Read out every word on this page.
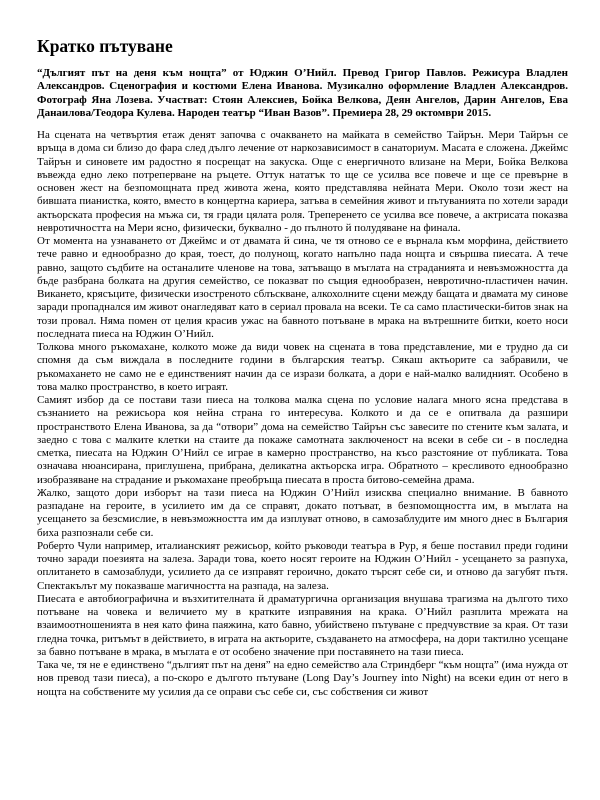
Кратко пътуване

“Дългият път на деня към нощта” от Юджин О’Нийл. Превод Григор Павлов. Режисура Владлен Александров. Сценография и костюми Елена Иванова. Музикално оформление Владлен Александров. Фотограф Яна Лозева. Участват: Стоян Алексиев, Бойка Велкова, Деян Ангелов, Дарин Ангелов, Ева Данаилова/Теодора Кулева. Народен театър “Иван Вазов”. Премиера 28, 29 октомври 2015.

На сцената на четвъртия етаж денят започва с очакването на майката в семейство Тайрън. Мери Тайрън се връща в дома си близо до фара след дълго лечение от наркозависимост в санаториум. Масата е сложена. Джеймс Тайрън и синовете им радостно я посрещат на закуска. Още с енергичното влизане на Мери, Бойка Велкова въвежда едно леко потреперване на ръцете. Оттук нататък то ще се усилва все повече и ще се превърне в основен жест на безпомощната пред живота жена, която представлява нейната Мери. Около този жест на бившата пианистка, която, вместо в концертна кариера, затъва в семейния живот и пътуванията по хотели заради актьорската професия на мъжа си, тя гради цялата роля. Треперенето се усилва все повече, а актрисата показва невротичността на Мери ясно, физически, буквално - до пълното й полудяване на финала.

От момента на узнаването от Джеймс и от двамата й сина, че тя отново се е върнала към морфина, действието тече равно и еднообразно до края, тоест, до полунощ, когато напълно пада нощта и свършва пиесата. А тече равно, защото съдбите на останалите членове на това, затъващо в мъглата на страданията и невъзможността да бъде разбрана болката на другия семейство, се показват по същия еднообразен, невротично-пластичен начин. Виканeто, крясъците, физически изостреното сблъскване, алкохолните сцени между бащата и двамата му синове заради пропаднался им живот онагледяват като в сериал провала на всеки. Те са само пластически-битов знак на този провал. Няма помен от целия красив ужас на бавното потъване в мрака на вътрешните битки, което носи последната пиеса на Юджин О’Нийл.

Толкова много ръкомахане, колкото може да види човек на сцената в това представление, ми е трудно да си спомня да съм виждала в последните години в българския театър. Сякаш актьорите са забравили, че ръкомахането не само не е единственият начин да се изрази болката, а дори е най-малко валидният. Особено в това малко пространство, в което играят.

Самият избор да се постави тази пиеса на толкова малка сцена по условие налага много ясна представа в съзнанието на режисьора коя нейна страна го интересува. Колкото и да се е опитвала да разшири пространството Елена Иванова, за да “отвори” дома на семейство Тайрън със завесите по стените към залата, и заедно с това с малките клетки на стаите да покаже самотната заключеност на всеки в себе си - в последна сметка, пиесата на Юджин О’Нийл се играе в камерно пространство, на късо разстояние от публиката. Това означава нюансирана, приглушена, прибрана, деликатна актьорска игра. Обратното – кресливото еднообразно изобразяване на страдание и ръкомахане преобръща пиесата в проста битово-семейна драма.

Жалко, защото дори изборът на тази пиеса на Юджин О’Нийл изисква специално внимание. В бавното разпадане на героите, в усилието им да се справят, докато потъват, в безпомощността им, в мъглата на усещането за безсмислие, в невъзможността им да изплуват отново, в самозаблудите им много днес в България биха разпознали себе си.

Роберто Чули например, италианският режисьор, който ръководи театъра в Рур, я беше поставил преди години точно заради поезията на залеза. Заради това, което носят героите на Юджин О’Нийл - усещането за разпуха, оплитането в самозаблуди, усилието да се изправят героично, докато търсят себе си, и отново да загубят пътя. Спектакълът му показваше магичността на разпада, на залеза.

Пиесата е автобиографична и възхитителната й драматургична организация внушава трагизма на дългото тихо потъване на човека и величието му в кратките изправяния на крака. О’Нийл разплита мрежата на взаимоотношенията в нея като фина паяжина, като бавно, убийствено пътуване с предчувствие за края. От тази гледна точка, ритъмът в действието, в играта на актьорите, създаването на атмосфера, на дори тактилно усещане за бавно потъване в мрака, в мъглата е от особено значение при поставянето на тази пиеса.

Така че, тя не е единствено “дългият път на деня” на едно семейство ала Стриндберг “към нощта” (има нужда от нов превод тази пиеса), а по-скоро е дългото пътуване (Long Day’s Journey into Night) на всеки един от него в нощта на собствените му усилия да се оправи със себе си, със собствения си живот
